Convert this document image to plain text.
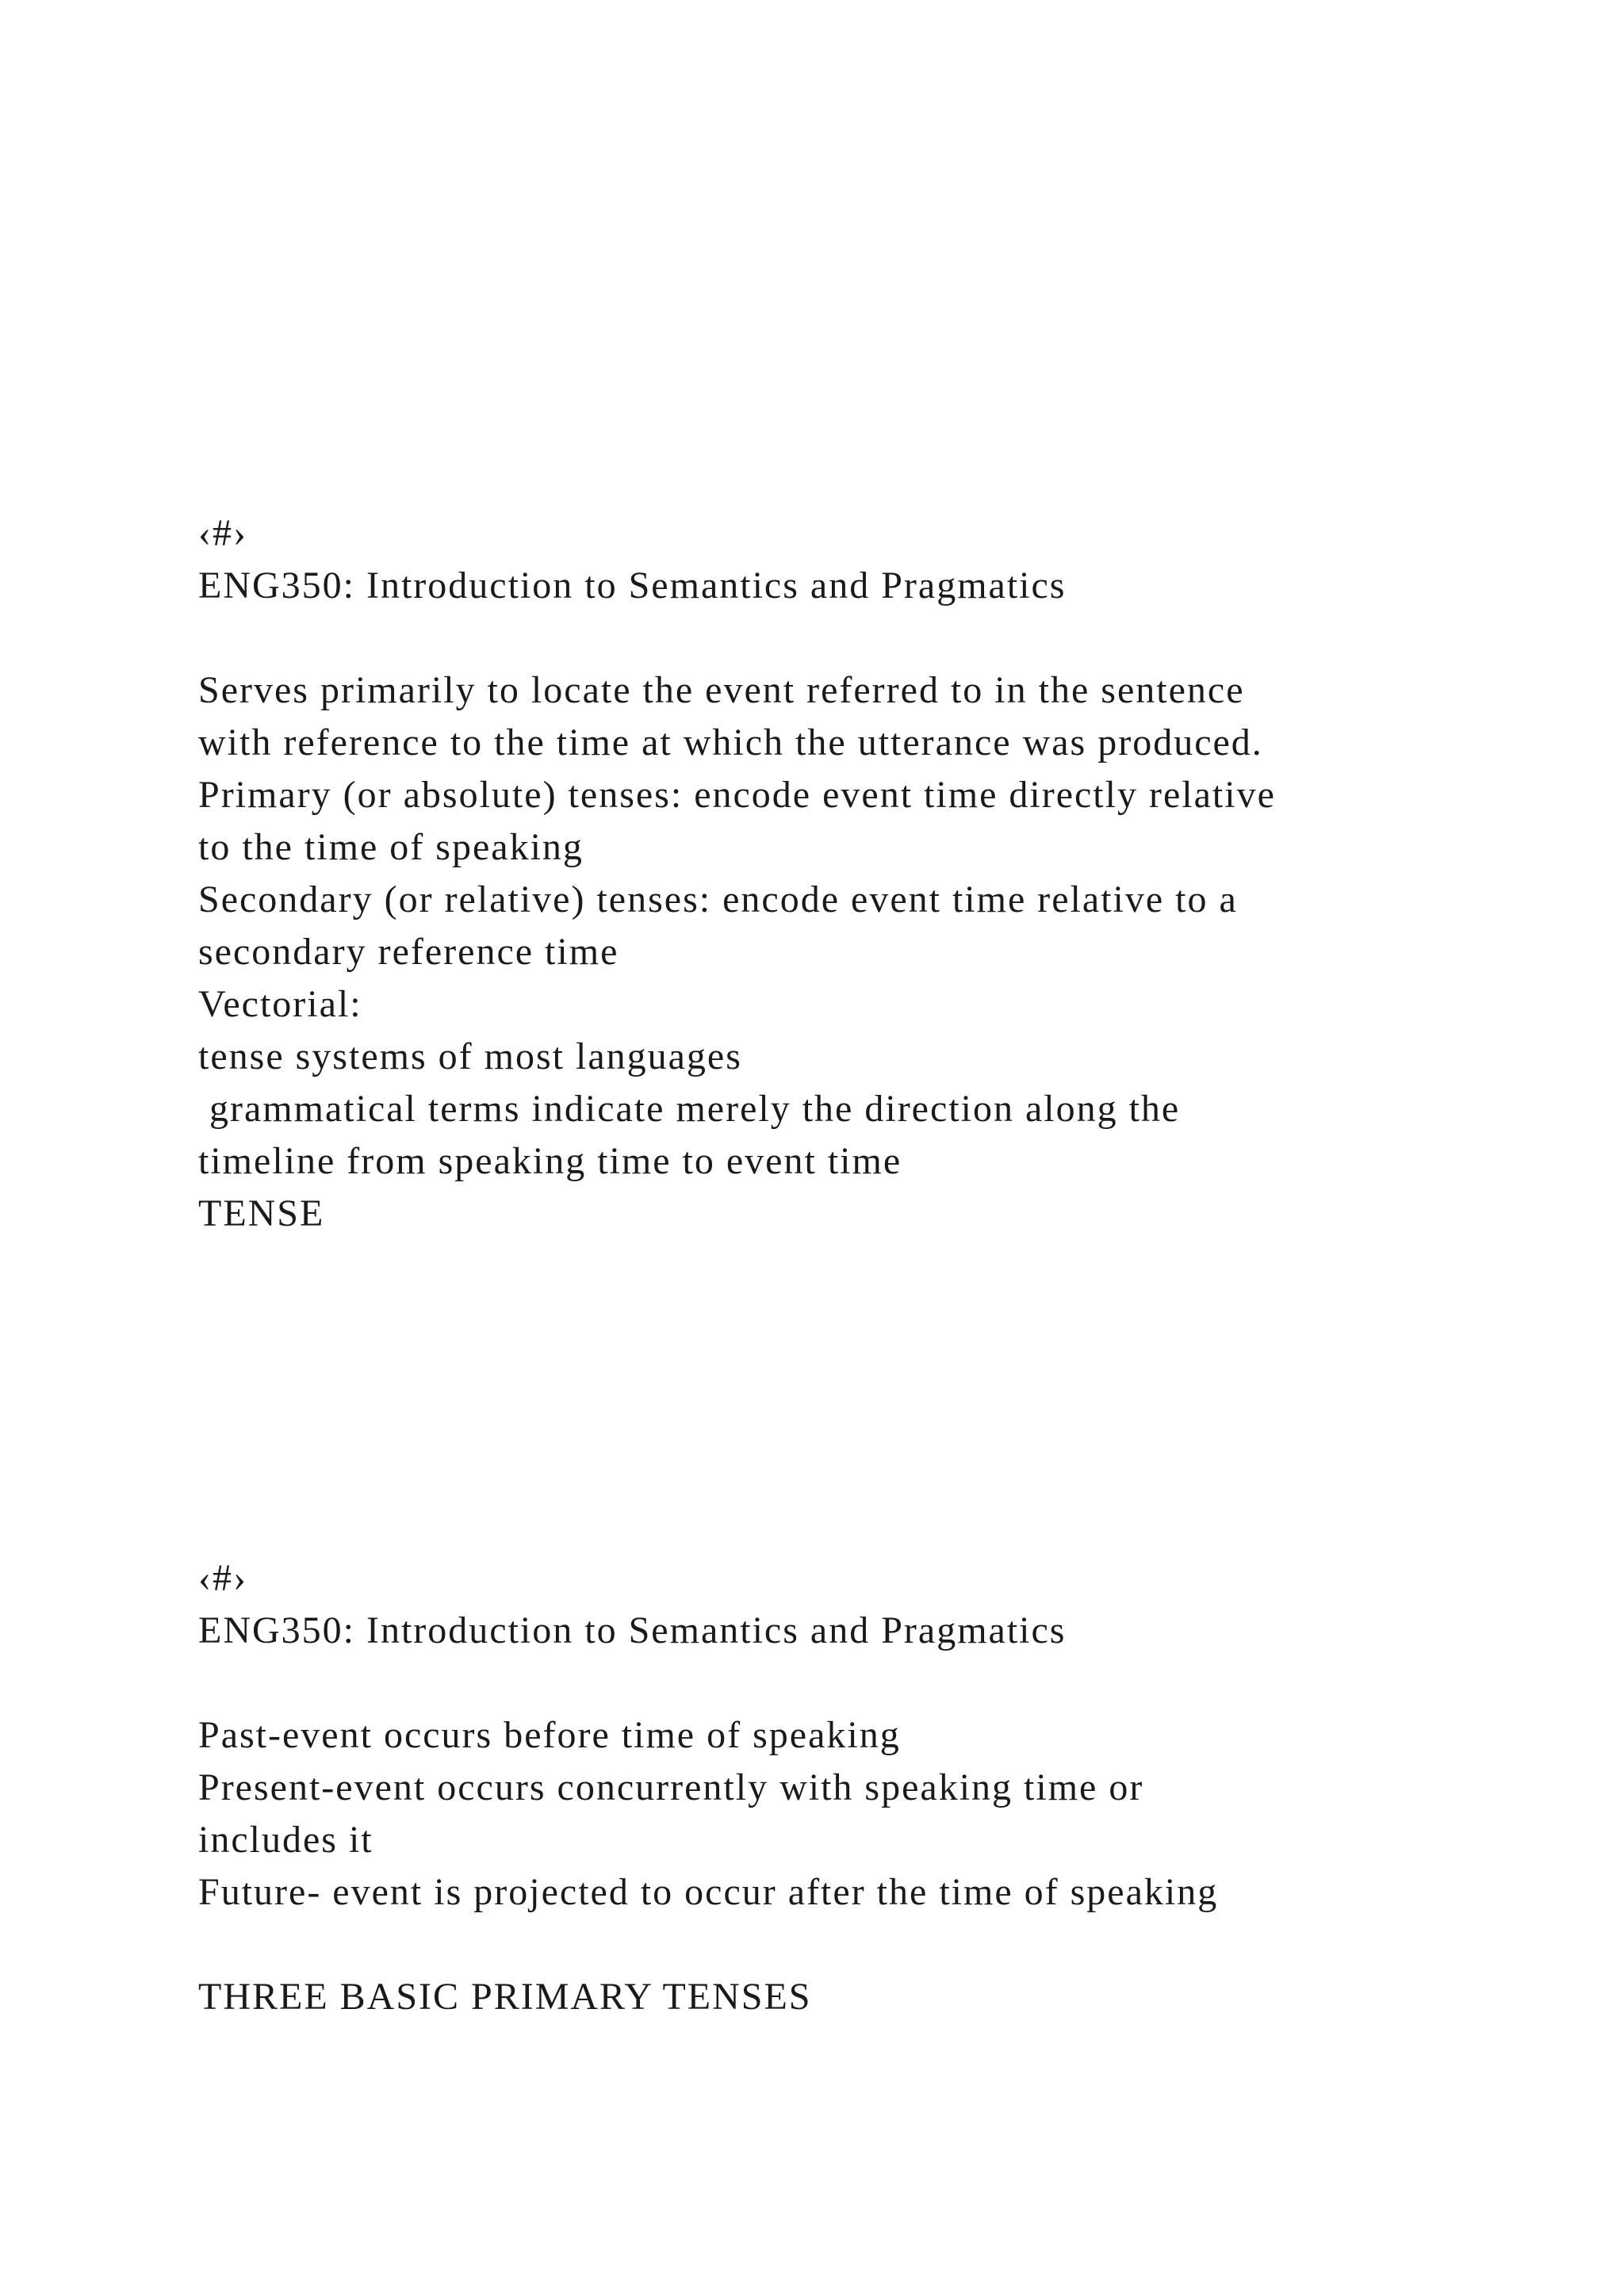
‹#›
ENG350: Introduction to Semantics and Pragmatics
Serves primarily to locate the event referred to in the sentence
with reference to the time at which the utterance was produced.
Primary (or absolute) tenses: encode event time directly relative
to the time of speaking
Secondary (or relative) tenses: encode event time relative to a
secondary reference time
Vectorial:
tense systems of most languages
grammatical terms indicate merely the direction along the
timeline from speaking time to event time
TENSE
‹#›
ENG350: Introduction to Semantics and Pragmatics
Past-event occurs before time of speaking
Present-event occurs concurrently with speaking time or
includes it
Future- event is projected to occur after the time of speaking
THREE BASIC PRIMARY TENSES
